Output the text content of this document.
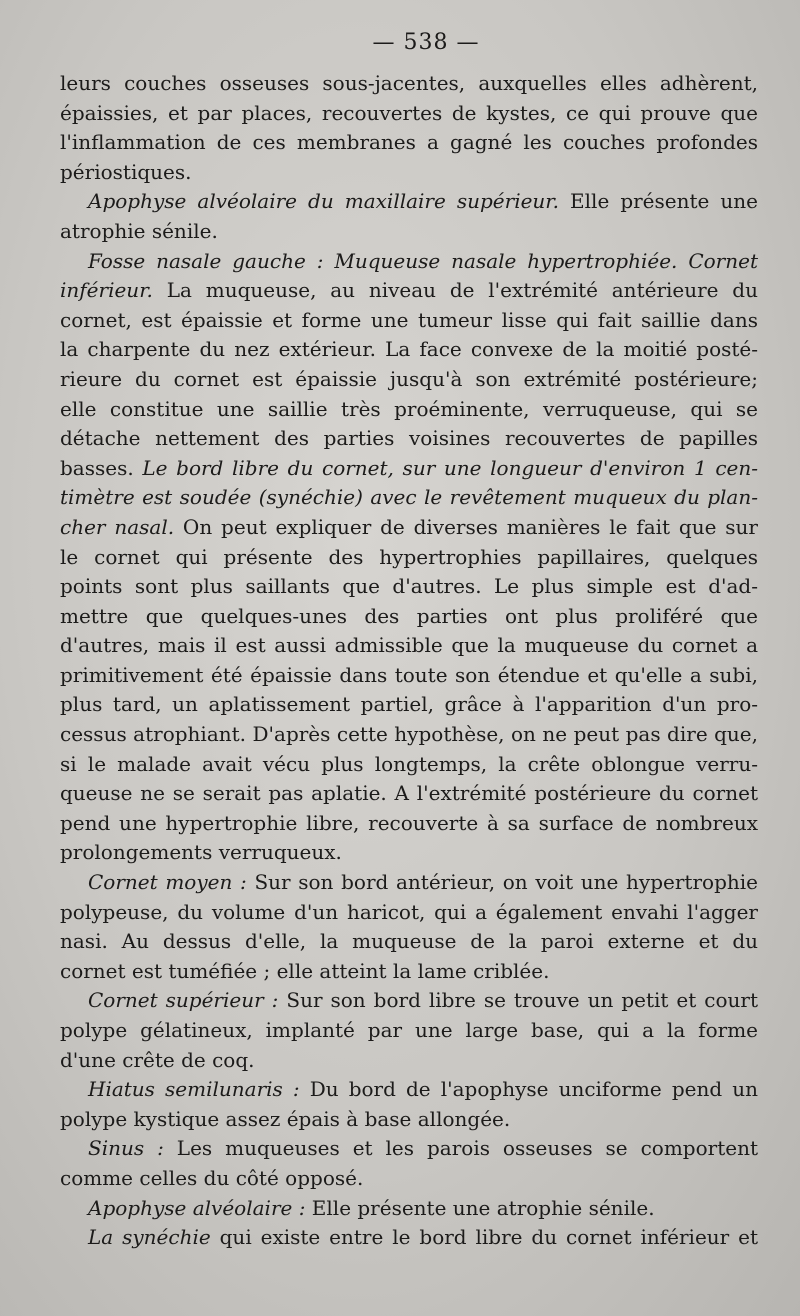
— 538 —
leurs couches osseuses sous-jacentes, auxquelles elles adhèrent,
épaissies, et par places, recouvertes de kystes, ce qui prouve que
l'inflammation de ces membranes a gagné les couches profondes
périostiques.
Apophyse alvéolaire du maxillaire supérieur. Elle présente une
atrophie sénile.
Fosse nasale gauche : Muqueuse nasale hypertrophiée. Cornet
inférieur. La muqueuse, au niveau de l'extrémité antérieure du
cornet, est épaissie et forme une tumeur lisse qui fait saillie dans
la charpente du nez extérieur. La face convexe de la moitié posté-
rieure du cornet est épaissie jusqu'à son extrémité postérieure;
elle constitue une saillie très proéminente, verruqueuse, qui se
détache nettement des parties voisines recouvertes de papilles
basses. Le bord libre du cornet, sur une longueur d'environ 1 cen-
timètre est soudée (synéchie) avec le revêtement muqueux du plan-
cher nasal. On peut expliquer de diverses manières le fait que sur
le cornet qui présente des hypertrophies papillaires, quelques
points sont plus saillants que d'autres. Le plus simple est d'ad-
mettre que quelques-unes des parties ont plus proliféré que
d'autres, mais il est aussi admissible que la muqueuse du cornet a
primitivement été épaissie dans toute son étendue et qu'elle a subi,
plus tard, un aplatissement partiel, grâce à l'apparition d'un pro-
cessus atrophiant. D'après cette hypothèse, on ne peut pas dire que,
si le malade avait vécu plus longtemps, la crête oblongue verru-
queuse ne se serait pas aplatie. A l'extrémité postérieure du cornet
pend une hypertrophie libre, recouverte à sa surface de nombreux
prolongements verruqueux.
Cornet moyen : Sur son bord antérieur, on voit une hypertrophie
polypeuse, du volume d'un haricot, qui a également envahi l'agger
nasi. Au dessus d'elle, la muqueuse de la paroi externe et du
cornet est tuméfiée ; elle atteint la lame criblée.
Cornet supérieur : Sur son bord libre se trouve un petit et court
polype gélatineux, implanté par une large base, qui a la forme
d'une crête de coq.
Hiatus semilunaris : Du bord de l'apophyse unciforme pend un
polype kystique assez épais à base allongée.
Sinus : Les muqueuses et les parois osseuses se comportent
comme celles du côté opposé.
Apophyse alvéolaire : Elle présente une atrophie sénile.
La synéchie qui existe entre le bord libre du cornet inférieur et
